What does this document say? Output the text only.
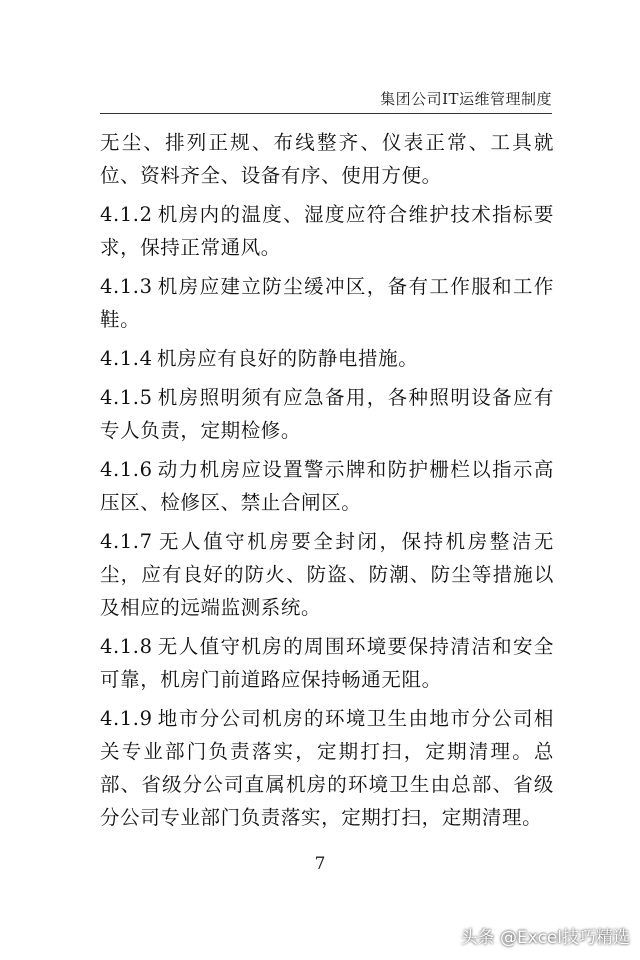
集团公司IT运维管理制度

无尘、排列正规、布线整齐、仪表正常、工具就位、资料齐全、设备有序、使用方便。

4.1.2 机房内的温度、湿度应符合维护技术指标要求，保持正常通风。

4.1.3 机房应建立防尘缓冲区，备有工作服和工作鞋。

4.1.4 机房应有良好的防静电措施。

4.1.5 机房照明须有应急备用，各种照明设备应有专人负责，定期检修。

4.1.6 动力机房应设置警示牌和防护栅栏以指示高压区、检修区、禁止合闸区。

4.1.7 无人值守机房要全封闭，保持机房整洁无尘，应有良好的防火、防盗、防潮、防尘等措施以及相应的远端监测系统。

4.1.8 无人值守机房的周围环境要保持清洁和安全可靠，机房门前道路应保持畅通无阻。

4.1.9 地市分公司机房的环境卫生由地市分公司相关专业部门负责落实，定期打扫，定期清理。总部、省级分公司直属机房的环境卫生由总部、省级分公司专业部门负责落实，定期打扫，定期清理。

7
头条 @Excel技巧精选
